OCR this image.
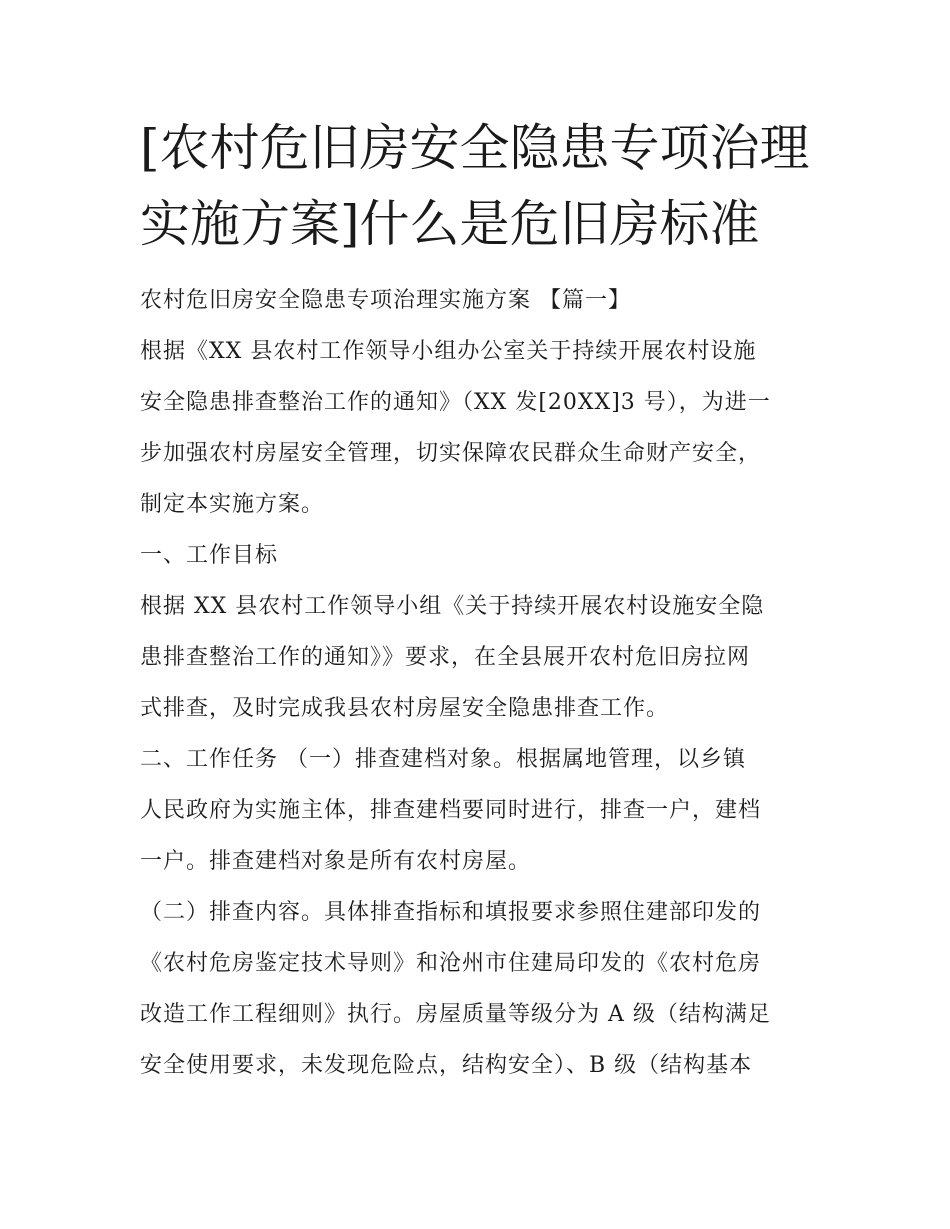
[农村危旧房安全隐患专项治理
实施方案]什么是危旧房标准
农村危旧房安全隐患专项治理实施方案 【篇一】
根据《XX 县农村工作领导小组办公室关于持续开展农村设施
安全隐患排查整治工作的通知》（XX 发[20XX]3 号），为进一
步加强农村房屋安全管理，切实保障农民群众生命财产安全，
制定本实施方案。
一、工作目标
根据 XX 县农村工作领导小组《关于持续开展农村设施安全隐
患排查整治工作的通知》》要求，在全县展开农村危旧房拉网
式排查，及时完成我县农村房屋安全隐患排查工作。
二、工作任务 （一）排查建档对象。根据属地管理，以乡镇
人民政府为实施主体，排查建档要同时进行，排查一户，建档
一户。排查建档对象是所有农村房屋。
（二）排查内容。具体排查指标和填报要求参照住建部印发的
《农村危房鉴定技术导则》和沧州市住建局印发的《农村危房
改造工作工程细则》执行。房屋质量等级分为 A 级（结构满足
安全使用要求，未发现危险点，结构安全）、B 级（结构基本
